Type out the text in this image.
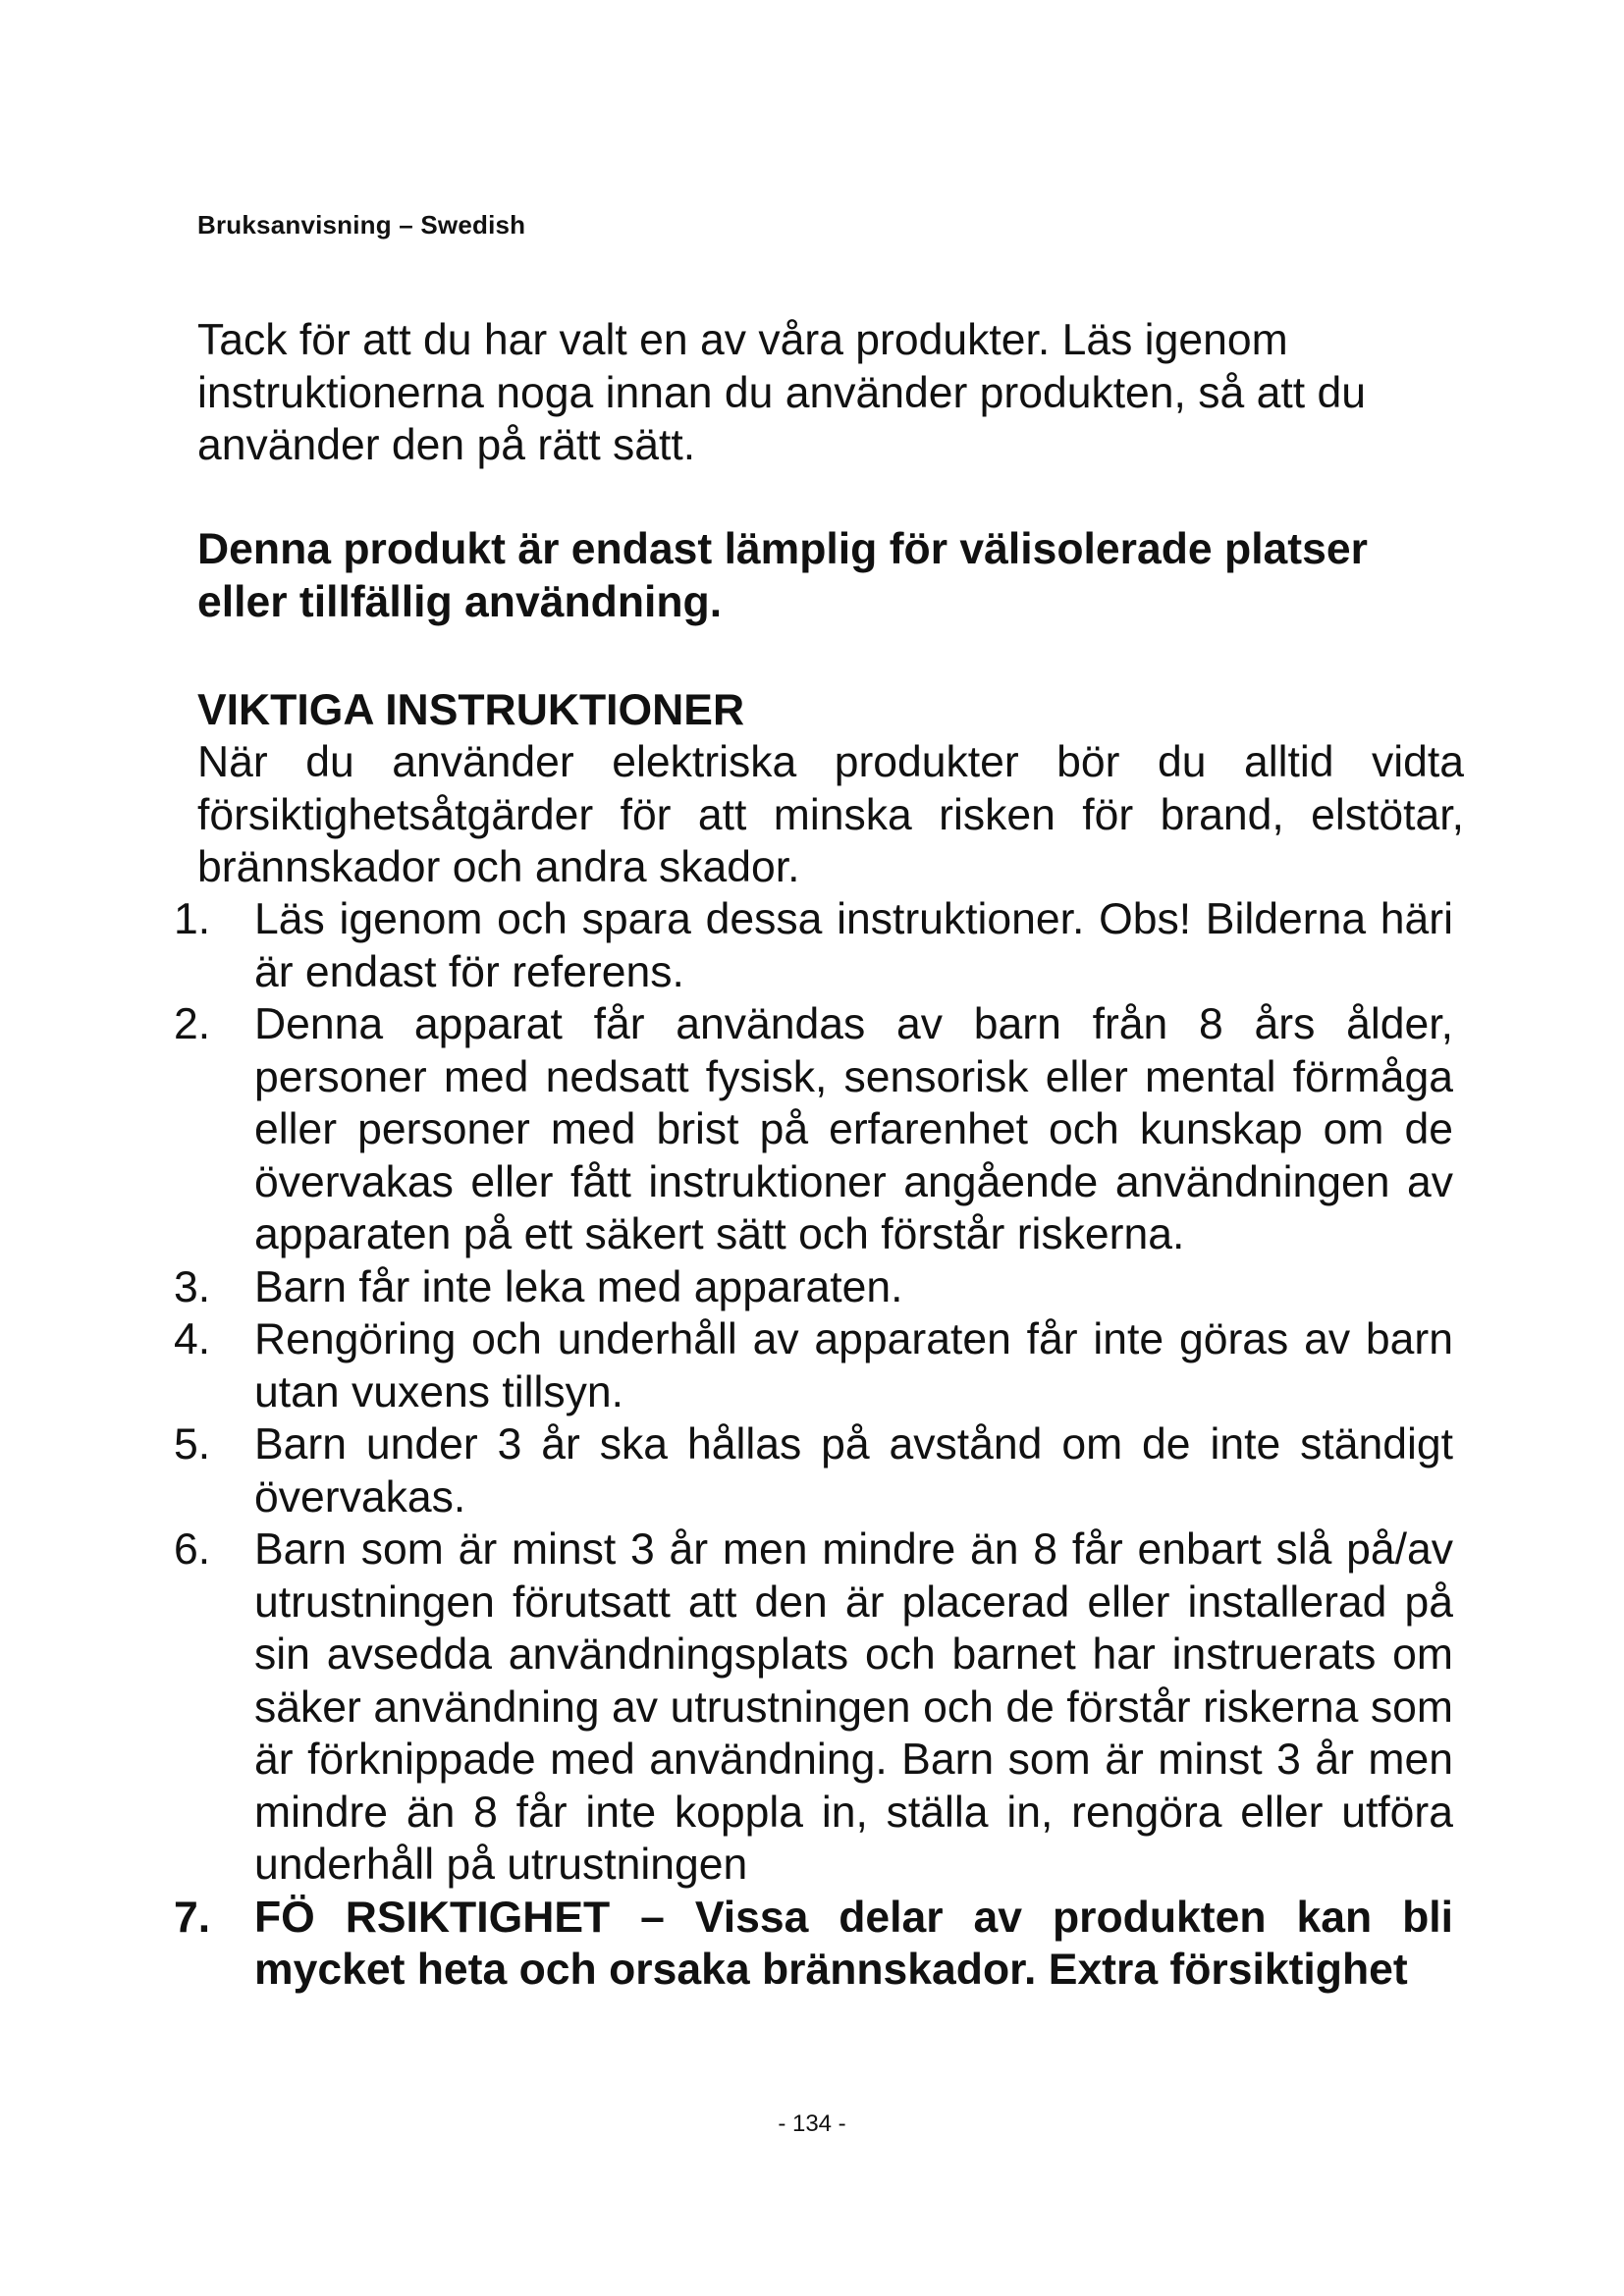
Bruksanvisning – Swedish
Tack för att du har valt en av våra produkter. Läs igenom instruktionerna noga innan du använder produkten, så att du använder den på rätt sätt.
Denna produkt är endast lämplig för välisolerade platser eller tillfällig användning.
VIKTIGA INSTRUKTIONER
När du använder elektriska produkter bör du alltid vidta försiktighetsåtgärder för att minska risken för brand, elstötar, brännskador och andra skador.
1.	Läs igenom och spara dessa instruktioner. Obs! Bilderna häri är endast för referens.
2.	Denna apparat får användas av barn från 8 års ålder, personer med nedsatt fysisk, sensorisk eller mental förmåga eller personer med brist på erfarenhet och kunskap om de övervakas eller fått instruktioner angående användningen av apparaten på ett säkert sätt och förstår riskerna.
3.	Barn får inte leka med apparaten.
4.	Rengöring och underhåll av apparaten får inte göras av barn utan vuxens tillsyn.
5.	Barn under 3 år ska hållas på avstånd om de inte ständigt övervakas.
6.	Barn som är minst 3 år men mindre än 8 får enbart slå på/av utrustningen förutsatt att den är placerad eller installerad på sin avsedda användningsplats och barnet har instruerats om säker användning av utrustningen och de förstår riskerna som är förknippade med användning. Barn som är minst 3 år men mindre än 8 får inte koppla in, ställa in, rengöra eller utföra underhåll på utrustningen
7.	FÖ RSIKTIGHET – Vissa delar av produkten kan bli mycket heta och orsaka brännskador. Extra försiktighet
- 134 -
